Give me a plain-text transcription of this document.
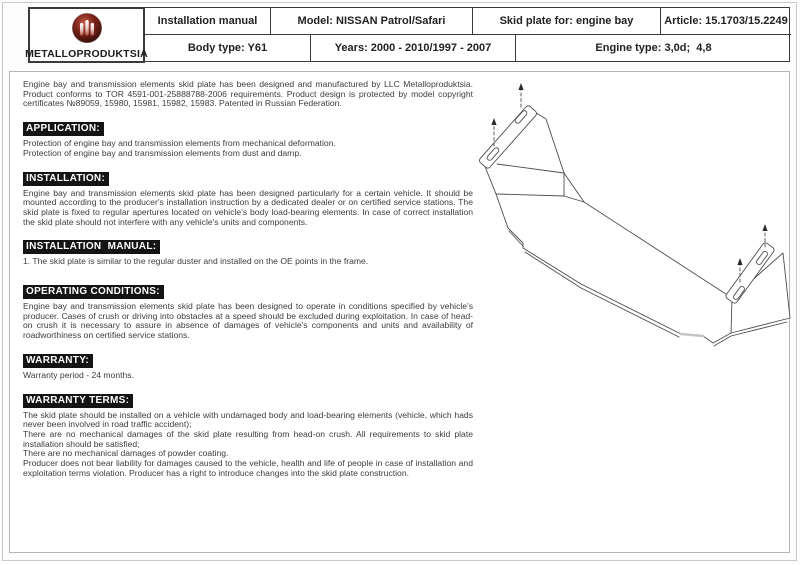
Installation manual	Model: NISSAN Patrol/Safari	Skid plate for: engine bay	Article: 15.1703/15.2249
Body type: Y61	Years: 2000 - 2010/1997 - 2007	Engine type: 3,0d;  4,8
METALLOPRODUKTSIA

Engine bay and transmission elements skid plate has been designed and manufactured by LLC Metalloproduktsia. Product conforms to TOR 4591-001-25888788-2006 requirements. Product design is protected by model copyright certificates №89059, 15980, 15981, 15982, 15983. Patented in Russian Federation.

APPLICATION:
Protection of engine bay and transmission elements from mechanical deformation.
Protection of engine bay and transmission elements from dust and damp.
INSTALLATION:

Engine bay and transmission elements skid plate has been designed particularly for a certain vehicle. It should be mounted according to the producer's installation instruction by a dedicated dealer or on certified service stations. The skid plate is fixed to regular apertures located on vehicle's body load-bearing elements. In case of correct installation the skid plate should not interfere with any vehicle's units and components.

INSTALLATION  MANUAL:
1. The skid plate is similar to the regular duster and installed on the OE points in the frame.
OPERATING CONDITIONS:

Engine bay and transmission elements skid plate has been designed to operate in conditions specified by vehicle's producer. Cases of crush or driving into obstacles at a speed should be excluded during exploitation. In case of head-on crush it is necessary to assure in absence of damages of vehicle's components and units and availability of roadworthiness on certified service stations.

WARRANTY:
Warranty period - 24 months.
WARRANTY TERMS:

The skid plate should be installed on a vehicle with undamaged body and load-bearing elements (vehicle, which hads never been involved in road traffic accident);

There are no mechanical damages of the skid plate resulting from head-on crush. All requirements to skid plate installation should be satisfied;

There are no mechanical damages of powder coating.

Producer does not bear liability for damages caused to the vehicle, health and life of people in case of installation and exploitation terms violation. Producer has a right to introduce changes into the skid plate construction.
